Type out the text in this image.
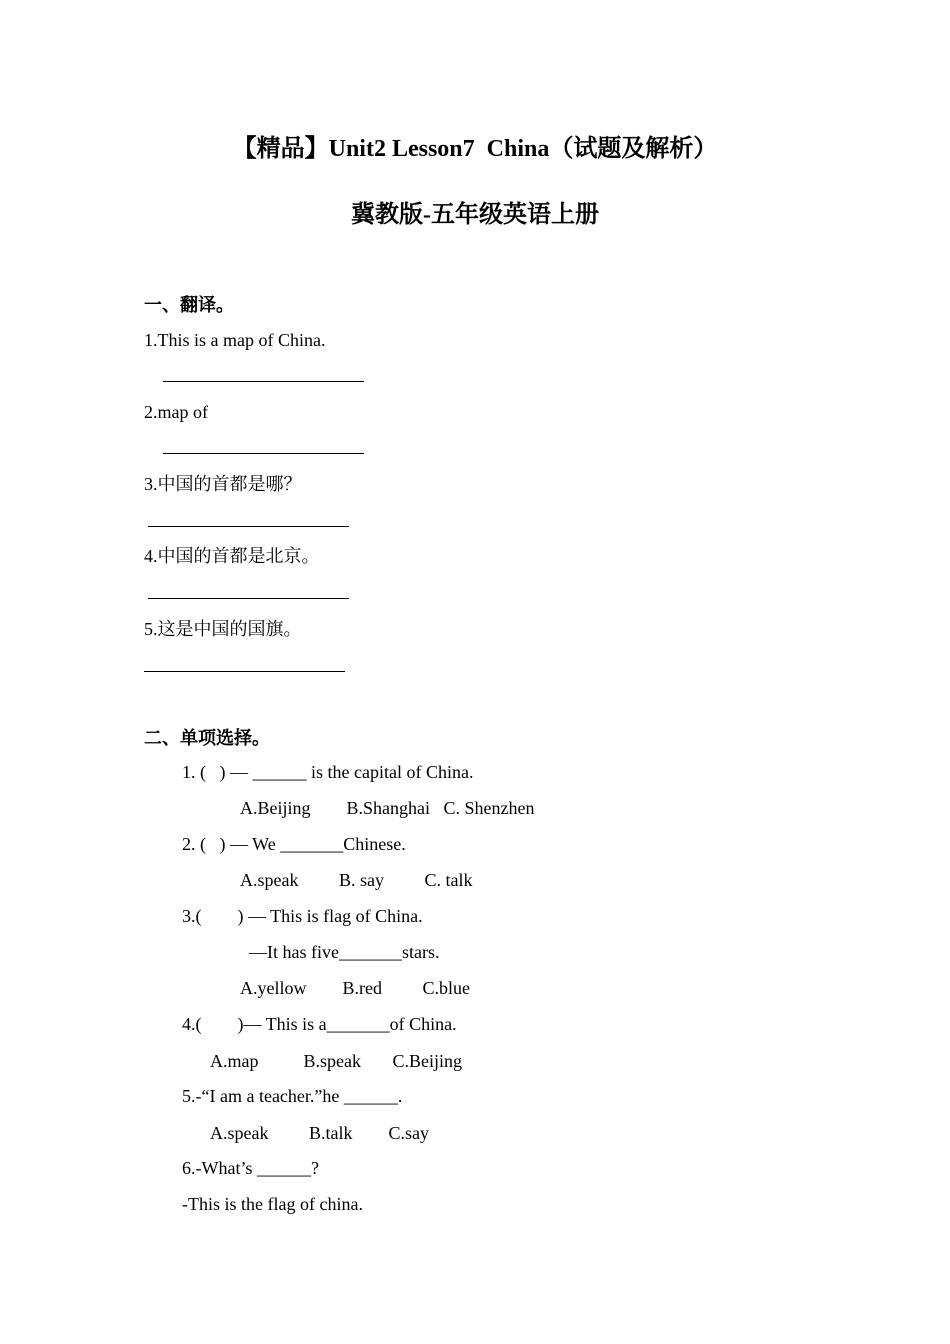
【精品】Unit2 Lesson7  China（试题及解析）
冀教版-五年级英语上册
一、翻译。
1.This is a map of China.
2.map of
3.中国的首都是哪？
4.中国的首都是北京。
5.这是中国的国旗。
二、单项选择。
1. (   ) — ______ is the capital of China.
A.Beijing        B.Shanghai   C. Shenzhen
2. (   ) — We _______Chinese.
A.speak         B. say         C. talk
3.(        ) — This is flag of China.
—It has five_______stars.
A.yellow        B.red         C.blue
4.(        )— This is a_______of China.
A.map          B.speak       C.Beijing
5.-“I am a teacher.”he ______.
A.speak         B.talk        C.say
6.-What’s ______?
-This is the flag of china.
